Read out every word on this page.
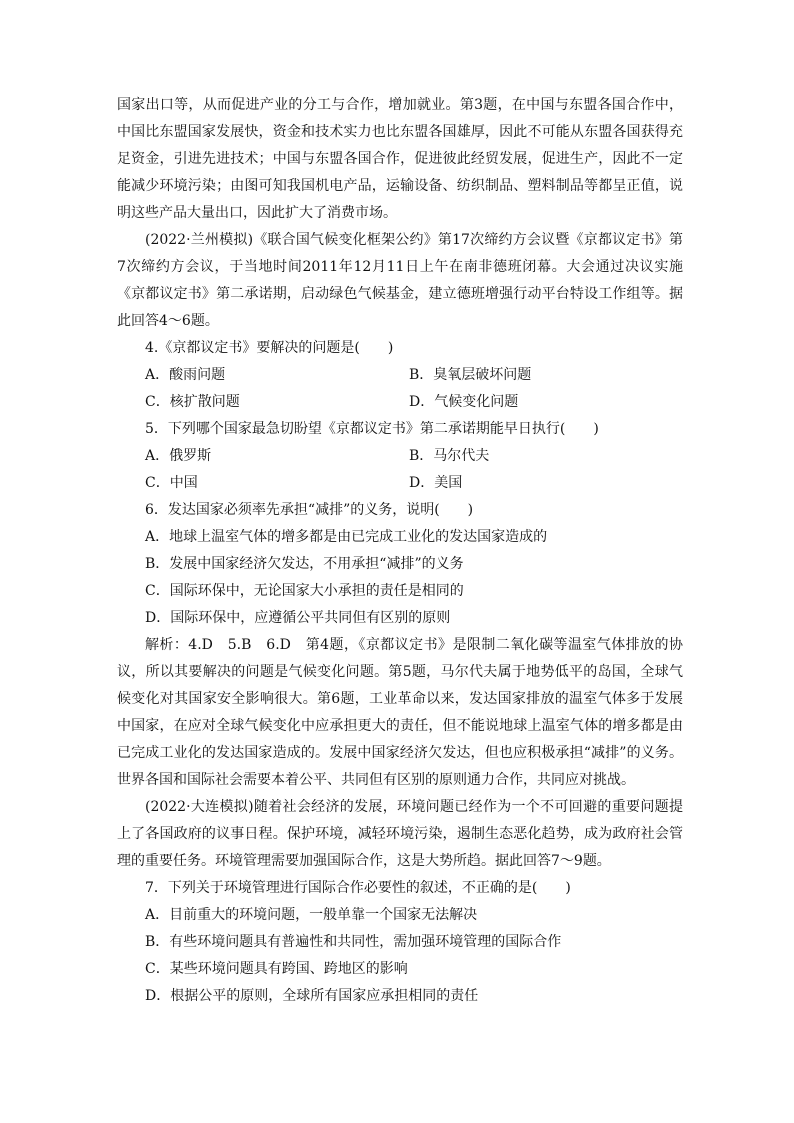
国家出口等，从而促进产业的分工与合作，增加就业。第3题，在中国与东盟各国合作中，中国比东盟国家发展快，资金和技术实力也比东盟各国雄厚，因此不可能从东盟各国获得充足资金，引进先进技术；中国与东盟各国合作，促进彼此经贸发展，促进生产，因此不一定能减少环境污染；由图可知我国机电产品，运输设备、纺织制品、塑料制品等都呈正值，说明这些产品大量出口，因此扩大了消费市场。

(2022·兰州模拟)《联合国气候变化框架公约》第17次缔约方会议暨《京都议定书》第7次缔约方会议，于当地时间2011年12月11日上午在南非德班闭幕。大会通过决议实施《京都议定书》第二承诺期，启动绿色气候基金，建立德班增强行动平台特设工作组等。据此回答4～6题。

4.《京都议定书》要解决的问题是(　　)

A．酸雨问题	B．臭氧层破坏问题
C．核扩散问题	D．气候变化问题

5．下列哪个国家最急切盼望《京都议定书》第二承诺期能早日执行(　　)

A．俄罗斯	B．马尔代夫
C．中国	D．美国

6．发达国家必须率先承担“减排”的义务，说明(　　)

A．地球上温室气体的增多都是由已完成工业化的发达国家造成的
B．发展中国家经济欠发达，不用承担“减排”的义务
C．国际环保中，无论国家大小承担的责任是相同的
D．国际环保中，应遵循公平共同但有区别的原则

解析：4.D　5.B　6.D　第4题，《京都议定书》是限制二氧化碳等温室气体排放的协议，所以其要解决的问题是气候变化问题。第5题，马尔代夫属于地势低平的岛国，全球气候变化对其国家安全影响很大。第6题，工业革命以来，发达国家排放的温室气体多于发展中国家，在应对全球气候变化中应承担更大的责任，但不能说地球上温室气体的增多都是由已完成工业化的发达国家造成的。发展中国家经济欠发达，但也应积极承担“减排”的义务。世界各国和国际社会需要本着公平、共同但有区别的原则通力合作，共同应对挑战。

(2022·大连模拟)随着社会经济的发展，环境问题已经作为一个不可回避的重要问题提上了各国政府的议事日程。保护环境，减轻环境污染，遏制生态恶化趋势，成为政府社会管理的重要任务。环境管理需要加强国际合作，这是大势所趋。据此回答7～9题。

7．下列关于环境管理进行国际合作必要性的叙述，不正确的是(　　)

A．目前重大的环境问题，一般单靠一个国家无法解决
B．有些环境问题具有普遍性和共同性，需加强环境管理的国际合作
C．某些环境问题具有跨国、跨地区的影响
D．根据公平的原则，全球所有国家应承担相同的责任
